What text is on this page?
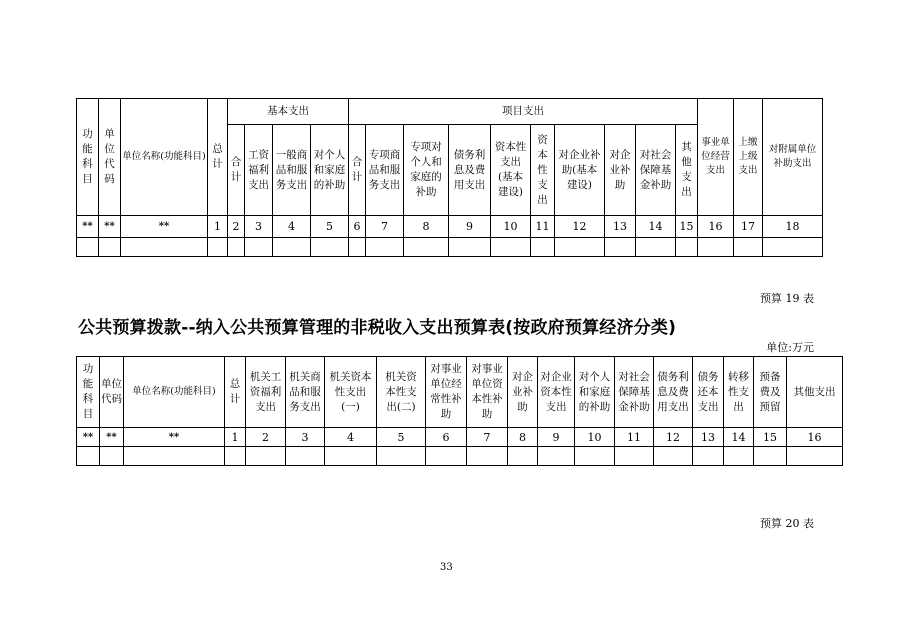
功能科目	单位代码	单位名称(功能科目)	总计	基本支出				项目支出										事业单位经营支出	上缴上级支出	对附属单位补助支出
				合计	工资福利支出	一般商品和服务支出	对个人和家庭的补助	合计	专项商品和服务支出	专项对个人和家庭的补助	债务利息及费用支出	资本性支出(基本建设)	资本性支出	对企业补助(基本建设)	对企业补助	对社会保障基金补助	其他支出			
**	**	**	1	2	3	4	5	6	7	8	9	10	11	12	13	14	15	16	17	18

预算 19 表
公共预算拨款--纳入公共预算管理的非税收入支出预算表(按政府预算经济分类)
单位:万元
功能科目	单位代码	单位名称(功能科目)	总计	机关工资福利支出	机关商品和服务支出	机关资本性支出(一)	机关资本性支出(二)	对事业单位经常性补助	对事业单位资本性补助	对企业补助	对企业资本性支出	对个人和家庭的补助	对社会保障基金补助	债务利息及费用支出	债务还本支出	转移性支出	预备费及预留	其他支出
**	**	**	1	2	3	4	5	6	7	8	9	10	11	12	13	14	15	16

预算 20 表
33
